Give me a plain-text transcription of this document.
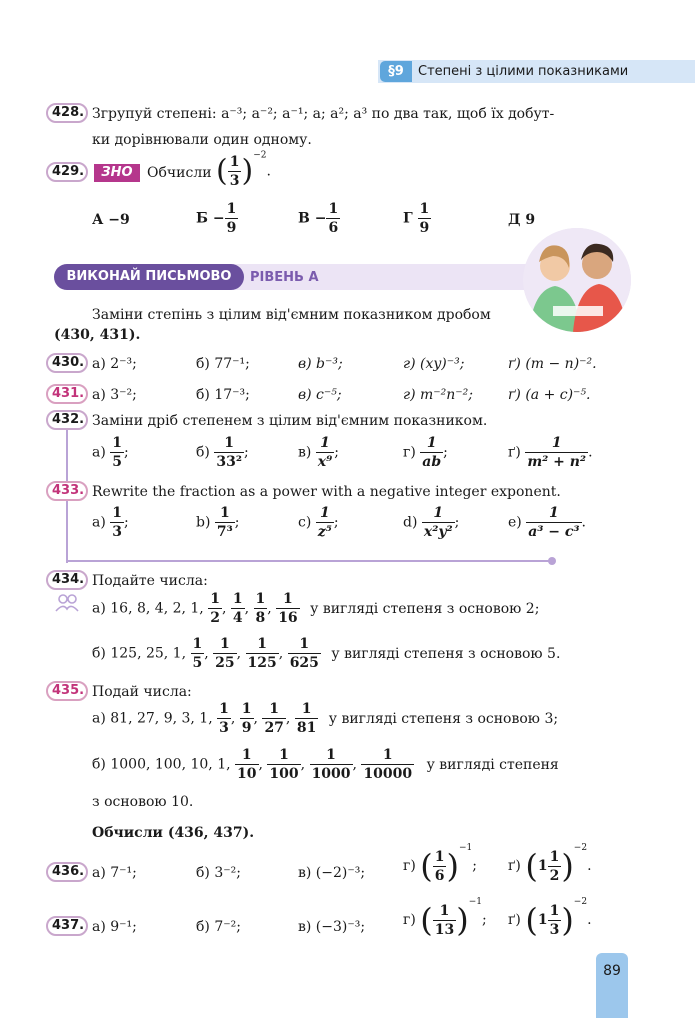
§9	Степені з цілими показниками
428. Згрупуй степені: a⁻³; a⁻²; a⁻¹; a; a²; a³ по два так, щоб їх добут-
ки дорівнювали один одному.
429.	ЗНО	Обчисли ( $\frac{1}{3} )^{-2}$.
А −9	$Б - \frac{1}{9}$	$В - \frac{1}{6}$	Г $\frac{1}{9}$	Д 9
ВИКОНАЙ ПИСЬМОВО	РІВЕНЬ А
Заміни степінь з цілим від'ємним показником дробом
(430, 431).
430. а) 2⁻³;	б) 77⁻¹;	в) b⁻³;	г) (xy)⁻³;	ґ) (m − n)⁻².
431. а) 3⁻²;	б) 17⁻³;	в) c⁻⁵;	г) m⁻²n⁻²;	ґ) (a + c)⁻⁵.
432. Заміни дріб степенем з цілим від'ємним показником.
$а) \frac{1}{5}$ ;	$б) \frac{1}{\text{33²}}$ ;	$в) \frac{1}{\text{x⁹}}$ ;	$г) \frac{1}{ab}$ ;	$ґ) \frac{1}{\text{m² + n²}}$ .
433. Rewrite the fraction as a power with a negative integer exponent.
$a) \frac{1}{3}$ ;	$b) \frac{1}{\text{7³}}$ ;	$c) \frac{1}{\text{z⁵}}$ ;	$d) \frac{1}{\text{x²y²}}$ ;	$e) \frac{1}{\text{a³ − c³}}$ .
434. Подайте числа:
а) 16, 8, 4, 2, 1, $\frac{1}{2}$ , $\frac{1}{4}$ , $\frac{1}{8}$ , $\frac{1}{16}$ у вигляді степеня з основою 2;
б) 125, 25, 1, $\frac{1}{5}$ , $\frac{1}{25}$ , $\frac{1}{125}$ , $\frac{1}{625}$ у вигляді степеня з основою 5.
435. Подай числа:
а) 81, 27, 9, 3, 1, $\frac{1}{3}$ , $\frac{1}{9}$ , $\frac{1}{27}$ , $\frac{1}{81}$ у вигляді степеня з основою 3;
б) 1000, 100, 10, 1, $\frac{1}{10}$ , $\frac{1}{100}$ , $\frac{1}{1000}$ , $\frac{1}{10000}$ у вигляді степеня
з основою 10.
Обчисли (436, 437).
436. а) 7⁻¹;	б) 3⁻²;	в) (−2)⁻³;	г) ( $\frac{1}{6} )^{-1}$; ґ) $(1 \frac{1}{2} )^{-2}$.
437. а) 9⁻¹;	б) 7⁻²;	в) (−3)⁻³;	г) ( $\frac{1}{13} )^{-1}$; ґ) $(1 \frac{1}{3} )^{-2}$.
89
